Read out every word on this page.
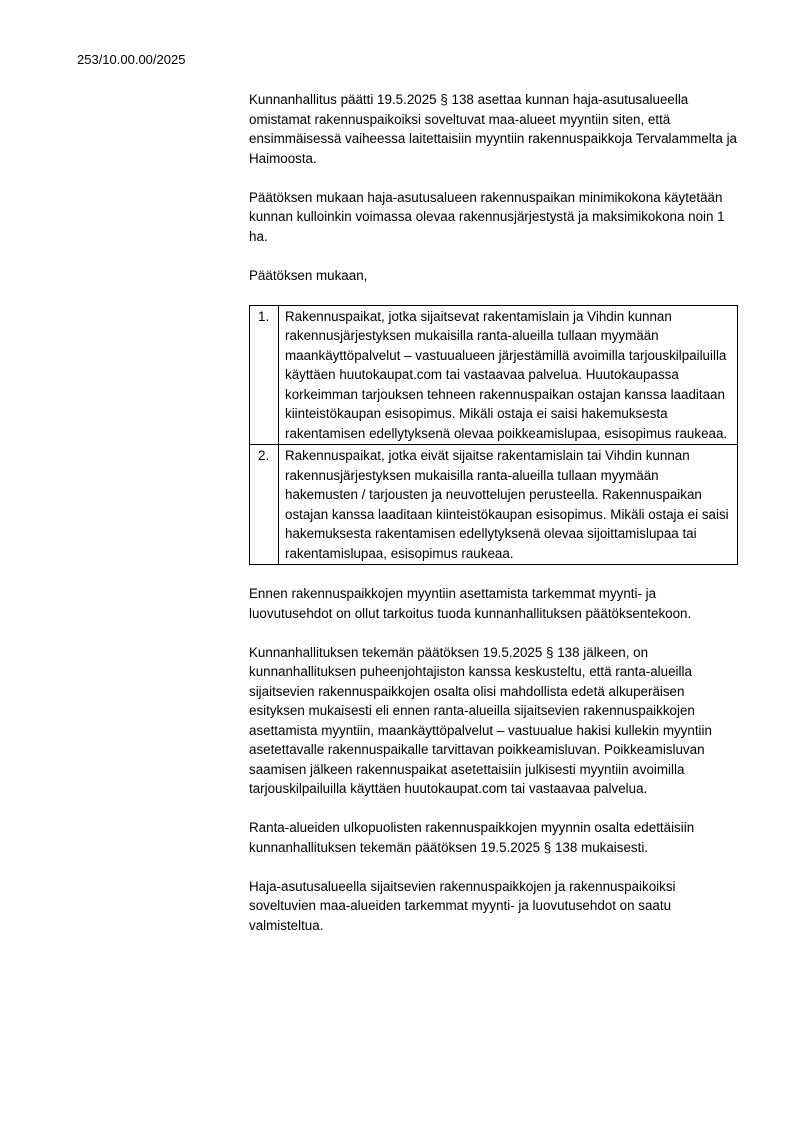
253/10.00.00/2025

Kunnanhallitus päätti 19.5.2025 § 138 asettaa kunnan haja-asutusalueella omistamat rakennuspaikoiksi soveltuvat maa-alueet myyntiin siten, että ensimmäisessä vaiheessa laitettaisiin myyntiin rakennuspaikkoja Tervalammelta ja Haimoosta.

Päätöksen mukaan haja-asutusalueen rakennuspaikan minimikokona käytetään kunnan kulloinkin voimassa olevaa rakennusjärjestystä ja maksimikokona noin 1 ha.

Päätöksen mukaan,

1.	Rakennuspaikat, jotka sijaitsevat rakentamislain ja Vihdin kunnan rakennusjärjestyksen mukaisilla ranta-alueilla tullaan myymään maankäyttöpalvelut – vastuualueen järjestämillä avoimilla tarjouskilpailuilla käyttäen huutokaupat.com tai vastaavaa palvelua. Huutokaupassa korkeimman tarjouksen tehneen rakennuspaikan ostajan kanssa laaditaan kiinteistökaupan esisopimus. Mikäli ostaja ei saisi hakemuksesta rakentamisen edellytyksenä olevaa poikkeamislupaa, esisopimus raukeaa.
2.	Rakennuspaikat, jotka eivät sijaitse rakentamislain tai Vihdin kunnan rakennusjärjestyksen mukaisilla ranta-alueilla tullaan myymään hakemusten / tarjousten ja neuvottelujen perusteella. Rakennuspaikan ostajan kanssa laaditaan kiinteistökaupan esisopimus. Mikäli ostaja ei saisi hakemuksesta rakentamisen edellytyksenä olevaa sijoittamislupaa tai rakentamislupaa, esisopimus raukeaa.

Ennen rakennuspaikkojen myyntiin asettamista tarkemmat myynti- ja luovutusehdot on ollut tarkoitus tuoda kunnanhallituksen päätöksentekoon.

Kunnanhallituksen tekemän päätöksen 19.5.2025 § 138 jälkeen, on kunnanhallituksen puheenjohtajiston kanssa keskusteltu, että ranta-alueilla sijaitsevien rakennuspaikkojen osalta olisi mahdollista edetä alkuperäisen esityksen mukaisesti eli ennen ranta-alueilla sijaitsevien rakennuspaikkojen asettamista myyntiin, maankäyttöpalvelut – vastuualue hakisi kullekin myyntiin asetettavalle rakennuspaikalle tarvittavan poikkeamisluvan. Poikkeamisluvan saamisen jälkeen rakennuspaikat asetettaisiin julkisesti myyntiin avoimilla tarjouskilpailuilla käyttäen huutokaupat.com tai vastaavaa palvelua.

Ranta-alueiden ulkopuolisten rakennuspaikkojen myynnin osalta edettäisiin kunnanhallituksen tekemän päätöksen 19.5.2025 § 138 mukaisesti.

Haja-asutusalueella sijaitsevien rakennuspaikkojen ja rakennuspaikoiksi soveltuvien maa-alueiden tarkemmat myynti- ja luovutusehdot on saatu valmisteltua.
